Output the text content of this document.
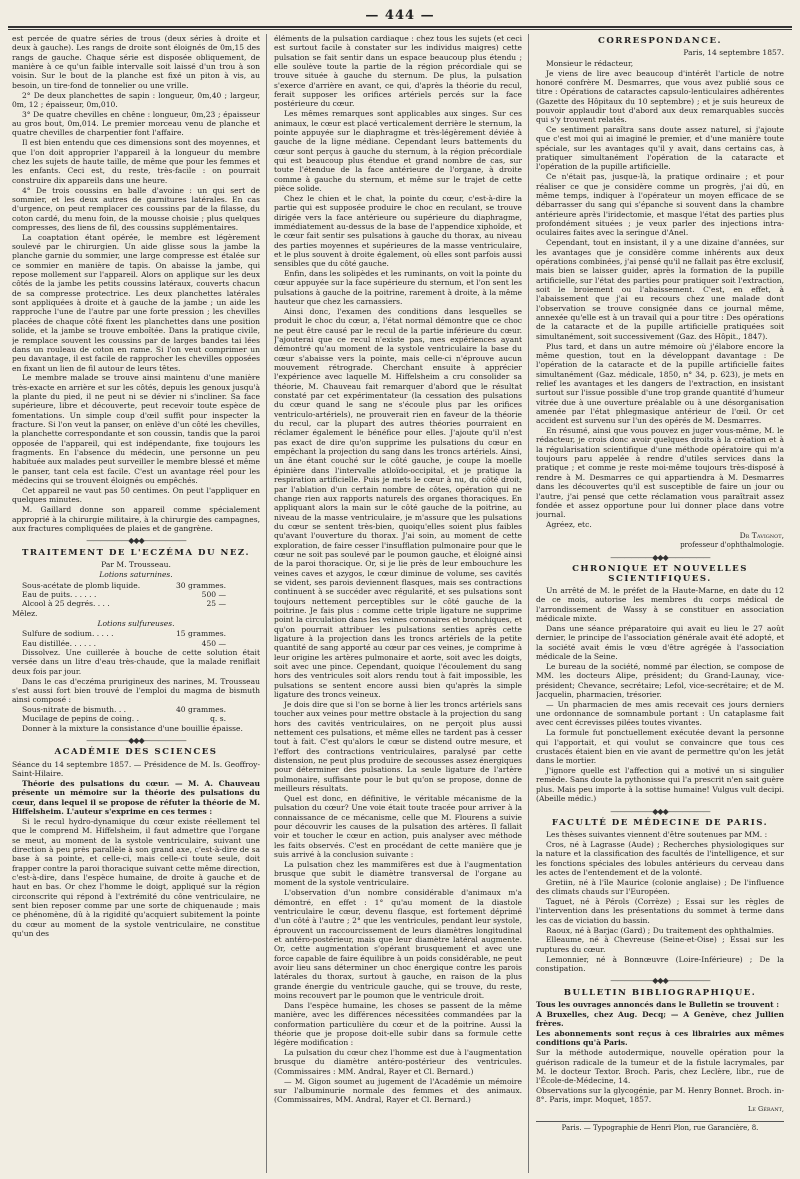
— 444 —

est percée de quatre séries de trous (deux séries à droite et deux à gauche). Les rangs de droite sont éloignés de 0m,15 des rangs de gauche. Chaque série est disposée obliquement, de manière à ce qu'un faible intervalle soit laissé d'un trou à son voisin. Sur le bout de la planche est fixé un piton à vis, au besoin, un tire-fond de tonnelier ou une vrille.

2° De deux planchettes de sapin : longueur, 0m,40 ; largeur, 0m, 12 ; épaisseur, 0m,010.

3° De quatre chevilles en chêne : longueur, 0m,23 ; épaisseur au gros bout, 0m,014. Le premier morceau venu de planche et quatre chevilles de charpentier font l'affaire.

Il est bien entendu que ces dimensions sont des moyennes, et que l'on doit approprier l'appareil à la longueur du membre chez les sujets de haute taille, de même que pour les femmes et les enfants. Ceci est, du reste, très-facile : on pourrait construire dix appareils dans une heure.

4° De trois coussins en balle d'avoine : un qui sert de sommier, et les deux autres de garnitures latérales. En cas d'urgence, on peut remplacer ces coussins par de la filasse, du coton cardé, du menu foin, de la mousse choisie ; plus quelques compresses, des liens de fil, des coussins supplémentaires.

La coaptation étant opérée, le membre est légèrement soulevé par le chirurgien. Un aide glisse sous la jambe la planche garnie du sommier, une large compresse est étalée sur ce sommier en manière de tapis. On abaisse la jambe, qui repose mollement sur l'appareil. Alors on applique sur les deux côtés de la jambe les petits coussins latéraux, couverts chacun de sa compresse protectrice. Les deux planchettes latérales sont appliquées à droite et à gauche de la jambe ; un aide les rapproche l'une de l'autre par une forte pression ; les chevilles placées de chaque côté fixent les planchettes dans une position solide, et la jambe se trouve emboîtée. Dans la pratique civile, je remplace souvent les coussins par de larges bandes tai lées dans un rouleau de coton en rame. Si l'on veut comprimer un peu davantage, il est facile de rapprocher les chevilles opposées en fixant un lien de fil autour de leurs têtes.

Le membre malade se trouve ainsi maintenu d'une manière très-exacte en arrière et sur les côtés, depuis les genoux jusqu'à la plante du pied, il ne peut ni se dévier ni s'incliner. Sa face supérieure, libre et découverte, peut recevoir toute espèce de fomentations. Un simple coup d'œil suffit pour inspecter la fracture. Si l'on veut la panser, on enlève d'un côté les chevilles, la planchette correspondante et son coussin, tandis que la paroi opposée de l'appareil, qui est indépendante, fixe toujours les fragments. En l'absence du médecin, une personne un peu habituée aux malades peut surveiller le membre blessé et même le panser, tant cela est facile. C'est un avantage réel pour les médecins qui se trouvent éloignés ou empêchés.

Cet appareil ne vaut pas 50 centimes. On peut l'appliquer en quelques minutes.

M. Gaillard donne son appareil comme spécialement approprié à la chirurgie militaire, à la chirurgie des campagnes, aux fractures compliquées de plaies et de gangrène.

——————◆◆◆——————
TRAITEMENT DE L'ECZÉMA DU NEZ.
Par M. Trousseau.
Lotions saturnines.
Sous-acétate de plomb liquide.	30 grammes.
Eau de puits. . . . . .	500 —
Alcool à 25 degrés. . . .	25 —

Mêlez.

Lotions sulfureuses.
Sulfure de sodium. . . . .	15 grammes.
Eau distillée. . . . . .	450 —

Dissolvez. Une cuillerée à bouche de cette solution était versée dans un litre d'eau très-chaude, que la malade reniflait deux fois par jour.

Dans le cas d'eczéma prurigineux des narines, M. Trousseau s'est aussi fort bien trouvé de l'emploi du magma de bismuth ainsi composé :

Sous-nitrate de bismuth. . .	40 grammes.
Mucilage de pepins de coing. .	q. s.

Donner à la mixture la consistance d'une bouillie épaisse.

——————◆◆◆——————
ACADÉMIE DES SCIENCES

Séance du 14 septembre 1857. — Présidence de M. Is. Geoffroy-Saint-Hilaire.

Théorie des pulsations du cœur. — M. A. Chauveau présente un mémoire sur la théorie des pulsations du cœur, dans lequel il se propose de réfuter la théorie de M. Hiffelsheim. L'auteur s'exprime en ces termes :

Si le recul hydro-dynamique du cœur existe réellement tel que le comprend M. Hiffelsheim, il faut admettre que l'organe se meut, au moment de la systole ventriculaire, suivant une direction à peu près parallèle à son grand axe, c'est-à-dire de sa base à sa pointe, et celle-ci, mais celle-ci toute seule, doit frapper contre la paroi thoracique suivant cette même direction, c'est-à-dire, dans l'espèce humaine, de droite à gauche et de haut en bas. Or chez l'homme le doigt, appliqué sur la région circonscrite qui répond à l'extrémité du cône ventriculaire, ne sent bien reposer comme par une sorte de chiquenaude ; mais ce phénomène, dû à la rigidité qu'acquiert subitement la pointe du cœur au moment de la systole ventriculaire, ne constitue qu'un des

éléments de la pulsation cardiaque : chez tous les sujets (et ceci est surtout facile à constater sur les individus maigres) cette pulsation se fait sentir dans un espace beaucoup plus étendu ; elle soulève toute la partie de la région précordiale qui se trouve située à gauche du sternum. De plus, la pulsation s'exerce d'arrière en avant, ce qui, d'après la théorie du recul, ferait supposer les orifices artériels percés sur la face postérieure du cœur.

Les mêmes remarques sont applicables aux singes. Sur ces animaux, le cœur est placé verticalement derrière le sternum, la pointe appuyée sur le diaphragme et très-légèrement déviée à gauche de la ligne médiane. Cependant leurs battements du cœur sont perçus à gauche du sternum, à la région précordiale qui est beaucoup plus étendue et grand nombre de cas, sur toute l'étendue de la face antérieure de l'organe, à droite comme à gauche du sternum, et même sur le trajet de cette pièce solide.

Chez le chien et le chat, la pointe du cœur, c'est-à-dire la partie qui est supposée produire le choc en reculant, se trouve dirigée vers la face antérieure ou supérieure du diaphragme, immédiatement au-dessus de la base de l'appendice xiphoïde, et le cœur fait sentir ses pulsations à gauche du thorax, au niveau des parties moyennes et supérieures de la masse ventriculaire, et le plus souvent à droite également, où elles sont parfois aussi sensibles que du côté gauche.

Enfin, dans les solipèdes et les ruminants, on voit la pointe du cœur appuyée sur la face supérieure du sternum, et l'on sent les pulsations à gauche de la poitrine, rarement à droite, à la même hauteur que chez les carnassiers.

Ainsi donc, l'examen des conditions dans lesquelles se produit le choc du cœur, a, l'état normal démontre que ce choc ne peut être causé par le recul de la partie inférieure du cœur. J'ajouterai que ce recul n'existe pas, mes expériences ayant démontré qu'au moment de la systole ventriculaire la base du cœur s'abaisse vers la pointe, mais celle-ci n'éprouve aucun mouvement rétrograde. Cherchant ensuite à apprécier l'expérience avec laquelle M. Hiffelsheim a cru consolider sa théorie, M. Chauveau fait remarquer d'abord que le résultat constaté par cet expérimentateur (la cessation des pulsations du cœur quand le sang ne s'écoule plus par les orifices ventriculo-artériels), ne prouverait rien en faveur de la théorie du recul, car la plupart des autres théories pourraient en réclamer également le bénéfice pour elles. J'ajoute qu'il n'est pas exact de dire qu'on supprime les pulsations du cœur en empêchant la projection du sang dans les troncs artériels. Ainsi, un âne étant couché sur le côté gauche, je coupe la moelle épinière dans l'intervalle atloïdo-occipital, et je pratique la respiration artificielle. Puis je mets le cœur à nu, du côté droit, par l'ablation d'un certain nombre de côtes, opération qui ne change rien aux rapports naturels des organes thoraciques. En appliquant alors la main sur le côté gauche de la poitrine, au niveau de la masse ventriculaire, je m'assure que les pulsations du cœur se sentent très-bien, quoiqu'elles soient plus faibles qu'avant l'ouverture du thorax. J'ai soin, au moment de cette exploration, de faire cesser l'insufflation pulmonaire pour que le cœur ne soit pas soulevé par le poumon gauche, et éloigné ainsi de la paroi thoracique. Or, si je lie près de leur embouchure les veines caves et azygos, le cœur diminue de volume, ses cavités se vident, ses parois deviennent flasques, mais ses contractions continuent à se succéder avec régularité, et ses pulsations sont toujours nettement perceptibles sur le côté gauche de la poitrine. Je fais plus : comme cette triple ligature ne supprime point la circulation dans les veines coronaires et bronchiques, et qu'on pourrait attribuer les pulsations senties après cette ligature à la projection dans les troncs artériels de la petite quantité de sang apporté au cœur par ces veines, je comprime à leur origine les artères pulmonaire et aorte, soit avec les doigts, soit avec une pince. Cependant, quoique l'écoulement du sang hors des ventricules soit alors rendu tout à fait impossible, les pulsations se sentent encore aussi bien qu'après la simple ligature des troncs veineux.

Je dois dire que si l'on se borne à lier les troncs artériels sans toucher aux veines pour mettre obstacle à la projection du sang hors des cavités ventriculaires, on ne perçoit plus aussi nettement ces pulsations, et même elles ne tardent pas à cesser tout à fait. C'est qu'alors le cœur se distend outre mesure, et l'effort des contractions ventriculaires, paralysé par cette distension, ne peut plus produire de secousses assez énergiques pour déterminer des pulsations. La seule ligature de l'artère pulmonaire, suffisante pour le but qu'on se propose, donne de meilleurs résultats.

Quel est donc, en définitive, le véritable mécanisme de la pulsation du cœur? Une voie était toute tracée pour arriver à la connaissance de ce mécanisme, celle que M. Flourens a suivie pour découvrir les causes de la pulsation des artères. Il fallait voir et toucher le cœur en action, puis analyser avec méthode les faits observés. C'est en procédant de cette manière que je suis arrivé à la conclusion suivante :

La pulsation chez les mammifères est due à l'augmentation brusque que subit le diamètre transversal de l'organe au moment de la systole ventriculaire.

L'observation d'un nombre considérable d'animaux m'a démontré, en effet : 1° qu'au moment de la diastole ventriculaire le cœur, devenu flasque, est fortement déprimé d'un côté à l'autre ; 2° que les ventricules, pendant leur systole, éprouvent un raccourcissement de leurs diamètres longitudinal et antéro-postérieur, mais que leur diamètre latéral augmente. Or, cette augmentation s'opérant brusquement et avec une force capable de faire équilibre à un poids considérable, ne peut avoir lieu sans déterminer un choc énergique contre les parois latérales du thorax, surtout à gauche, en raison de la plus grande énergie du ventricule gauche, qui se trouve, du reste, moins recouvert par le poumon que le ventricule droit.

Dans l'espèce humaine, les choses se passent de la même manière, avec les différences nécessitées commandées par la conformation particulière du cœur et de la poitrine. Aussi la théorie que je propose doit-elle subir dans sa formule cette légère modification :

La pulsation du cœur chez l'homme est due à l'augmentation brusque du diamètre antéro-postérieur des ventricules. (Commissaires : MM. Andral, Rayer et Cl. Bernard.)

— M. Gigon soumet au jugement de l'Académie un mémoire sur l'albuminurie normale des femmes et des animaux. (Commissaires, MM. Andral, Rayer et Cl. Bernard.)

CORRESPONDANCE.
Paris, 14 septembre 1857.

Monsieur le rédacteur,

Je viens de lire avec beaucoup d'intérêt l'article de notre honoré confrère M. Desmarres, que vous avez publié sous ce titre : Opérations de cataractes capsulo-lenticulaires adhérentes (Gazette des Hôpitaux du 10 septembre) ; et je suis heureux de pouvoir applaudir tout d'abord aux deux remarquables succès qui s'y trouvent relatés.

Ce sentiment paraîtra sans doute assez naturel, si j'ajoute que c'est moi qui ai imaginé le premier, et d'une manière toute spéciale, sur les avantages qu'il y avait, dans certains cas, à pratiquer simultanément l'opération de la cataracte et l'opération de la pupille artificielle.

Ce n'était pas, jusque-là, la pratique ordinaire ; et pour réaliser ce que je considère comme un progrès, j'ai dû, en même temps, indiquer à l'opérateur un moyen efficace de se débarrasser du sang qui s'épanche si souvent dans la chambre antérieure après l'iridectomie, et masque l'état des parties plus profondément situées ; je veux parler des injections intra-oculaires faites avec la seringue d'Anel.

Cependant, tout en insistant, il y a une dizaine d'années, sur les avantages que je considère comme inhérents aux deux opérations combinées, j'ai pensé qu'il ne fallait pas être exclusif, mais bien se laisser guider, après la formation de la pupille artificielle, sur l'état des parties pour pratiquer soit l'extraction, soit le broiement ou l'abaissement. C'est, en effet, à l'abaissement que j'ai eu recours chez une malade dont l'observation se trouve consignée dans ce journal même, annexée qu'elle est à un travail qui a pour titre : Des opérations de la cataracte et de la pupille artificielle pratiquées soit simultanément, soit successivement (Gaz. des Hôpit., 1847).

Plus tard, et dans un autre mémoire où j'élabore encore la même question, tout en la développant davantage : De l'opération de la cataracte et de la pupille artificielle faites simultanément (Gaz. médicale, 1850, n° 34, p. 623), je mets en relief les avantages et les dangers de l'extraction, en insistant surtout sur l'issue possible d'une trop grande quantité d'humeur vitrée due à une ouverture préalable ou à une désorganisation amenée par l'état phlegmasique antérieur de l'œil. Or cet accident est survenu sur l'un des opérés de M. Desmarres.

En résumé, ainsi que vous pouvez en juger vous-même, M. le rédacteur, je crois donc avoir quelques droits à la création et à la régularisation scientifique d'une méthode opératoire qui m'a toujours paru appelée à rendre d'utiles services dans la pratique ; et comme je reste moi-même toujours très-disposé à rendre à M. Desmarres ce qui appartiendra à M. Desmarres dans les découvertes qu'il est susceptible de faire un jour ou l'autre, j'ai pensé que cette réclamation vous paraîtrait assez fondée et assez opportune pour lui donner place dans votre journal.

Agréez, etc.

Dr Tavignot,
professeur d'ophthalmologie.
——————◆◆◆——————
CHRONIQUE ET NOUVELLES SCIENTIFIQUES.

Un arrêté de M. le préfet de la Haute-Marne, en date du 12 de ce mois, autorise les membres du corps médical de l'arrondissement de Wassy à se constituer en association médicale mixte.

Dans une séance préparatoire qui avait eu lieu le 27 août dernier, le principe de l'association générale avait été adopté, et la société avait émis le vœu d'être agrégée à l'association médicale de la Seine.

Le bureau de la société, nommé par élection, se compose de MM. les docteurs Alipe, président; du Grand-Launay, vice-président; Chevance, secrétaire; Lefol, vice-secrétaire; et de M. Jacquelin, pharmacien, trésorier.

— Un pharmacien de mes amis recevait ces jours derniers une ordonnance de somnambule portant : Un cataplasme fait avec cent écrevisses pilées toutes vivantes.

La formule fut ponctuellement exécutée devant la personne qui l'apportait, et qui voulut se convaincre que tous ces crustacés étaient bien en vie avant de permettre qu'on les jetât dans le mortier.

J'ignore quelle est l'affection qui a motivé un si singulier remède. Sans doute la pythonisse qui l'a prescrit n'en sait guère plus. Mais peu importe à la sottise humaine! Vulgus vult decipi. (Abeille médic.)

——————◆◆◆——————
FACULTÉ DE MÉDECINE DE PARIS.

Les thèses suivantes viennent d'être soutenues par MM. :

Cros, né à Lagrasse (Aude) ; Recherches physiologiques sur la nature et la classification des facultés de l'intelligence, et sur les fonctions spéciales des lobules antérieurs du cerveau dans les actes de l'entendement et de la volonté.

Gretiin, né à l'île Maurice (colonie anglaise) ; De l'influence des climats chauds sur l'Européen.

Taguet, né à Pérols (Corrèze) ; Essai sur les règles de l'intervention dans les présentations du sommet à terme dans les cas de viciation du bassin.

Raoux, né à Barjac (Gard) ; Du traitement des ophthalmies.

Elleaume, né à Chevreuse (Seine-et-Oise) ; Essai sur les ruptures du cœur.

Lemonnier, né à Bonnœuvre (Loire-Inférieure) ; De la constipation.

——————◆◆◆——————
BULLETIN BIBLIOGRAPHIQUE.

Tous les ouvrages annoncés dans le Bulletin se trouvent :

A Bruxelles, chez Aug. Decq; — A Genève, chez Jullien frères.

Les abonnements sont reçus à ces librairies aux mêmes conditions qu'à Paris.

Sur la méthode autodermique, nouvelle opération pour la guérison radicale de la tumeur et de la fistule lacrymales, par M. le docteur Textor. Broch. Paris, chez Leclère, libr., rue de l'École-de-Médecine, 14.

Observations sur la glycogénie, par M. Henry Bonnet. Broch. in-8°. Paris, impr. Moquet, 1857.

Le Gérant,
Paris. — Typographie de Henri Plon, rue Garancière, 8.
